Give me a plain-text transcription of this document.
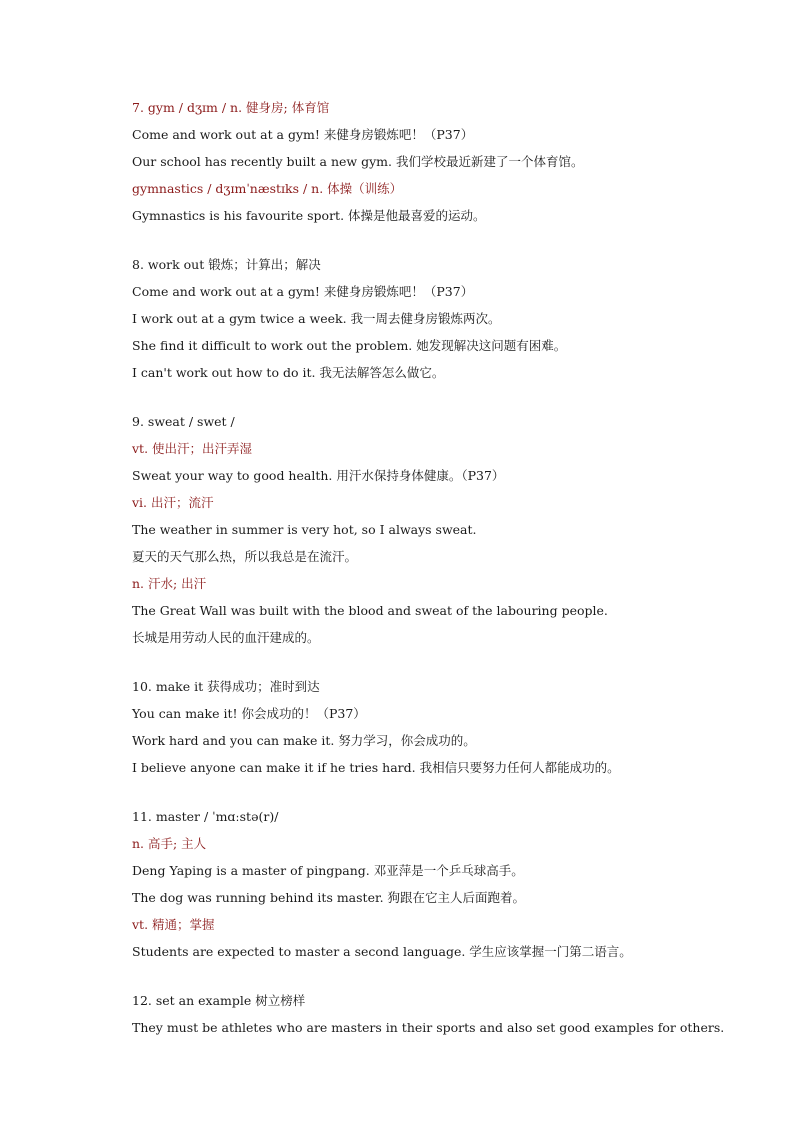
7. gym / dʒɪm / n. 健身房; 体育馆
Come and work out at a gym! 来健身房锻炼吧！（P37）
Our school has recently built a new gym. 我们学校最近新建了一个体育馆。
gymnastics / dʒɪmˈnæstɪks / n. 体操（训练）
Gymnastics is his favourite sport. 体操是他最喜爱的运动。
8. work out 锻炼；计算出；解决
Come and work out at a gym! 来健身房锻炼吧！（P37）
I work out at a gym twice a week. 我一周去健身房锻炼两次。
She find it difficult to work out the problem. 她发现解决这问题有困难。
I can't work out how to do it. 我无法解答怎么做它。
9. sweat / swet /
vt. 使出汗；出汗弄湿
Sweat your way to good health. 用汗水保持身体健康。（P37）
vi. 出汗；流汗
The weather in summer is very hot, so I always sweat.
夏天的天气那么热，所以我总是在流汗。
n. 汗水; 出汗
The Great Wall was built with the blood and sweat of the labouring people.
长城是用劳动人民的血汗建成的。
10. make it 获得成功；准时到达
You can make it! 你会成功的！（P37）
Work hard and you can make it. 努力学习，你会成功的。
I believe anyone can make it if he tries hard. 我相信只要努力任何人都能成功的。
11. master / ˈmɑːstə(r)/
n. 高手; 主人
Deng Yaping is a master of pingpang. 邓亚萍是一个乒乓球高手。
The dog was running behind its master. 狗跟在它主人后面跑着。
vt. 精通；掌握
Students are expected to master a second language. 学生应该掌握一门第二语言。
12. set an example 树立榜样
They must be athletes who are masters in their sports and also set good examples for others.
